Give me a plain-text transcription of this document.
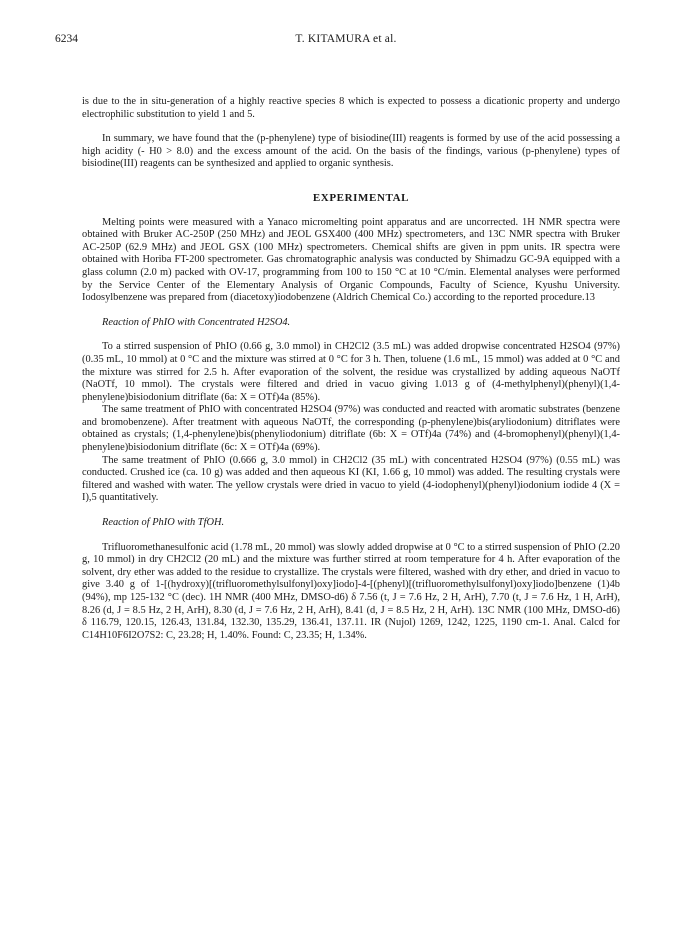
6234	T. KITAMURA et al.

is due to the in situ-generation of a highly reactive species 8 which is expected to possess a dicationic property and undergo electrophilic substitution to yield 1 and 5.

In summary, we have found that the (p-phenylene) type of bisiodine(III) reagents is formed by use of the acid possessing a high acidity (- H0 > 8.0) and the excess amount of the acid. On the basis of the findings, various (p-phenylene) types of bisiodine(III) reagents can be synthesized and applied to organic synthesis.

EXPERIMENTAL

Melting points were measured with a Yanaco micromelting point apparatus and are uncorrected. 1H NMR spectra were obtained with Bruker AC-250P (250 MHz) and JEOL GSX400 (400 MHz) spectrometers, and 13C NMR spectra with Bruker AC-250P (62.9 MHz) and JEOL GSX (100 MHz) spectrometers. Chemical shifts are given in ppm units. IR spectra were obtained with Horiba FT-200 spectrometer. Gas chromatographic analysis was conducted by Shimadzu GC-9A equipped with a glass column (2.0 m) packed with OV-17, programming from 100 to 150 °C at 10 °C/min. Elemental analyses were performed by the Service Center of the Elementary Analysis of Organic Compounds, Faculty of Science, Kyushu University. Iodosylbenzene was prepared from (diacetoxy)iodobenzene (Aldrich Chemical Co.) according to the reported procedure.13

Reaction of PhIO with Concentrated H2SO4.

To a stirred suspension of PhIO (0.66 g, 3.0 mmol) in CH2Cl2 (3.5 mL) was added dropwise concentrated H2SO4 (97%) (0.35 mL, 10 mmol) at 0 °C and the mixture was stirred at 0 °C for 3 h. Then, toluene (1.6 mL, 15 mmol) was added at 0 °C and the mixture was stirred for 2.5 h. After evaporation of the solvent, the residue was crystallized by adding aqueous NaOTf (NaOTf, 10 mmol). The crystals were filtered and dried in vacuo giving 1.013 g of (4-methylphenyl)(phenyl)(1,4-phenylene)bisiodonium ditriflate (6a: X = OTf)4a (85%).

The same treatment of PhIO with concentrated H2SO4 (97%) was conducted and reacted with aromatic substrates (benzene and bromobenzene). After treatment with aqueous NaOTf, the corresponding (p-phenylene)bis(aryliodonium) ditriflates were obtained as crystals; (1,4-phenylene)bis(phenyliodonium) ditriflate (6b: X = OTf)4a (74%) and (4-bromophenyl)(phenyl)(1,4-phenylene)bisiodonium ditriflate (6c: X = OTf)4a (69%).

The same treatment of PhIO (0.666 g, 3.0 mmol) in CH2Cl2 (35 mL) with concentrated H2SO4 (97%) (0.55 mL) was conducted. Crushed ice (ca. 10 g) was added and then aqueous KI (KI, 1.66 g, 10 mmol) was added. The resulting crystals were filtered and washed with water. The yellow crystals were dried in vacuo to yield (4-iodophenyl)(phenyl)iodonium iodide 4 (X = I),5 quantitatively.

Reaction of PhIO with TfOH.

Trifluoromethanesulfonic acid (1.78 mL, 20 mmol) was slowly added dropwise at 0 °C to a stirred suspension of PhIO (2.20 g, 10 mmol) in dry CH2Cl2 (20 mL) and the mixture was further stirred at room temperature for 4 h. After evaporation of the solvent, dry ether was added to the residue to crystallize. The crystals were filtered, washed with dry ether, and dried in vacuo to give 3.40 g of 1-[(hydroxy)[(trifluoromethylsulfonyl)oxy]iodo]-4-[(phenyl)[(trifluoromethylsulfonyl)oxy]iodo]benzene (1)4b (94%), mp 125-132 °C (dec). 1H NMR (400 MHz, DMSO-d6) δ 7.56 (t, J = 7.6 Hz, 2 H, ArH), 7.70 (t, J = 7.6 Hz, 1 H, ArH), 8.26 (d, J = 8.5 Hz, 2 H, ArH), 8.30 (d, J = 7.6 Hz, 2 H, ArH), 8.41 (d, J = 8.5 Hz, 2 H, ArH). 13C NMR (100 MHz, DMSO-d6) δ 116.79, 120.15, 126.43, 131.84, 132.30, 135.29, 136.41, 137.11. IR (Nujol) 1269, 1242, 1225, 1190 cm-1. Anal. Calcd for C14H10F6I2O7S2: C, 23.28; H, 1.40%. Found: C, 23.35; H, 1.34%.
